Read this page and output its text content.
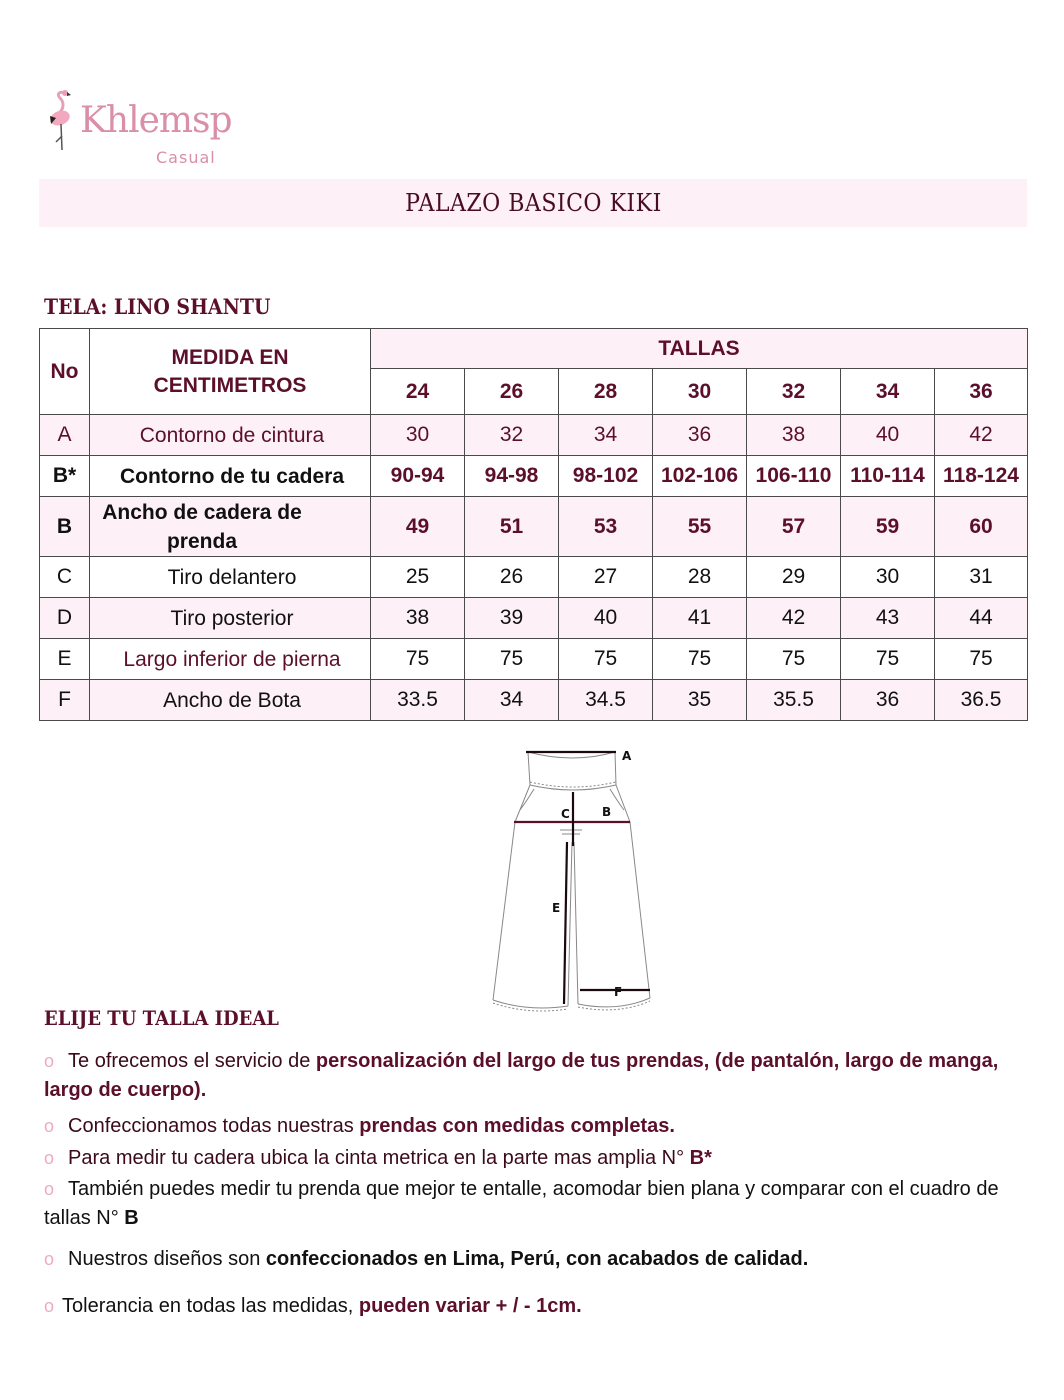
Khlemsp
Casual
PALAZO BASICO KIKI
TELA: LINO SHANTU
No	MEDIDA EN CENTIMETROS	TALLAS						
		24	26	28	30	32	34	36
A	Contorno de cintura	30	32	34	36	38	40	42
B*	Contorno de tu cadera	90-94	94-98	98-102	102-106	106-110	110-114	118-124
B	Ancho de cadera de prenda	49	51	53	55	57	59	60
C	Tiro delantero	25	26	27	28	29	30	31
D	Tiro posterior	38	39	40	41	42	43	44
E	Largo inferior de pierna	75	75	75	75	75	75	75
F	Ancho de Bota	33.5	34	34.5	35	35.5	36	36.5
A
B
C
E
F
ELIJE TU TALLA IDEAL

o Te ofrecemos el servicio de personalización del largo de tus prendas, (de pantalón, largo de manga, largo de cuerpo).

o Confeccionamos todas nuestras prendas con medidas completas.

o Para medir tu cadera ubica la cinta metrica en la parte mas amplia N° B*

o También puedes medir tu prenda que mejor te entalle, acomodar bien plana y comparar con el cuadro de tallas N° B

o Nuestros diseños son confeccionados en Lima, Perú, con acabados de calidad.

o Tolerancia en todas las medidas, pueden variar + / - 1cm.
